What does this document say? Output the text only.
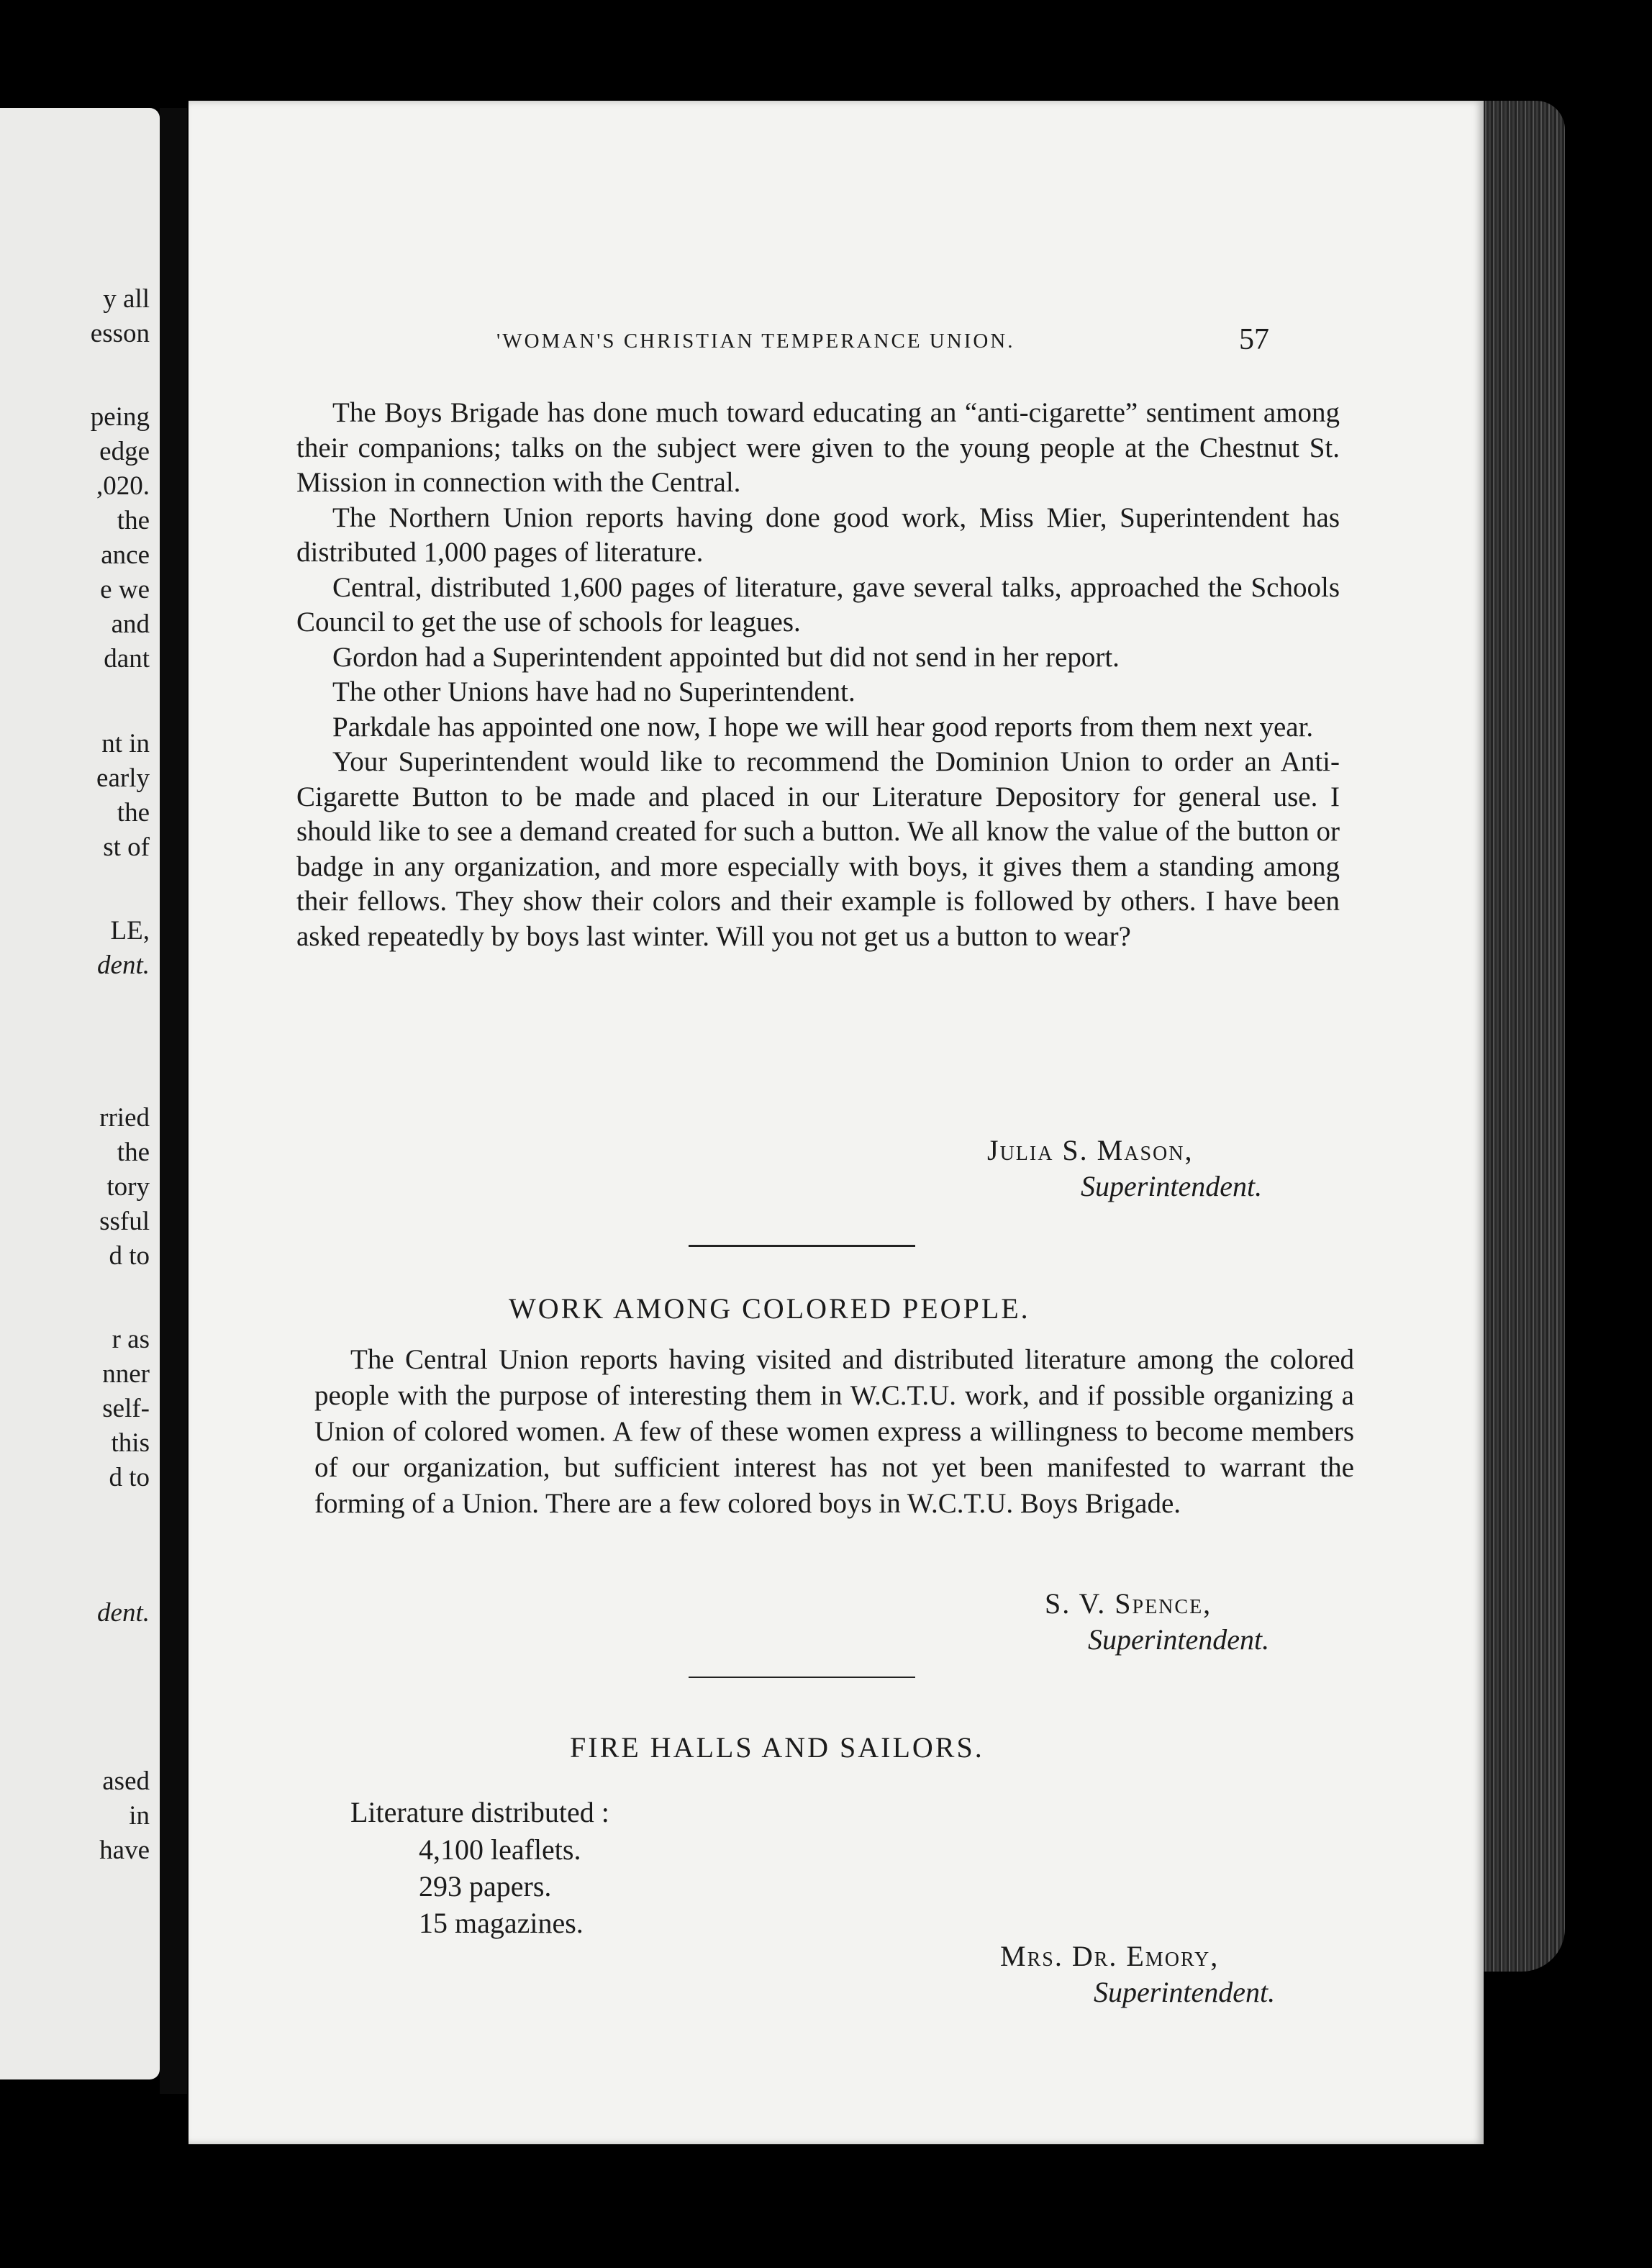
y all
esson
peing
edge
,020.
the
ance
e we
and
dant
nt in
early
the
st of
LE,
dent.
rried
the
tory
ssful
d to
r as
nner
self-
this
d to
dent.
ased
in
have
'WOMAN'S CHRISTIAN TEMPERANCE UNION.	57

The Boys Brigade has done much toward educating an “anti-cigarette” sentiment among their companions; talks on the subject were given to the young people at the Chestnut St. Mission in connection with the Central.

The Northern Union reports having done good work, Miss Mier, Superintendent has distributed 1,000 pages of literature.

Central, distributed 1,600 pages of literature, gave several talks, approached the Schools Council to get the use of schools for leagues.

Gordon had a Superintendent appointed but did not send in her report.

The other Unions have had no Superintendent.

Parkdale has appointed one now, I hope we will hear good reports from them next year.

Your Superintendent would like to recommend the Dominion Union to order an Anti-Cigarette Button to be made and placed in our Literature Depository for general use. I should like to see a demand created for such a button. We all know the value of the button or badge in any organization, and more especially with boys, it gives them a standing among their fellows. They show their colors and their example is followed by others. I have been asked repeatedly by boys last winter. Will you not get us a button to wear?

Julia S. Mason,
Superintendent.
WORK AMONG COLORED PEOPLE.

The Central Union reports having visited and distributed literature among the colored people with the purpose of interesting them in W.C.T.U. work, and if possible organizing a Union of colored women. A few of these women express a willingness to become members of our organization, but sufficient interest has not yet been manifested to warrant the forming of a Union. There are a few colored boys in W.C.T.U. Boys Brigade.

S. V. Spence,
Superintendent.
FIRE HALLS AND SAILORS.
Literature distributed :
4,100 leaflets.
293 papers.
15 magazines.
Mrs. Dr. Emory,
Superintendent.
